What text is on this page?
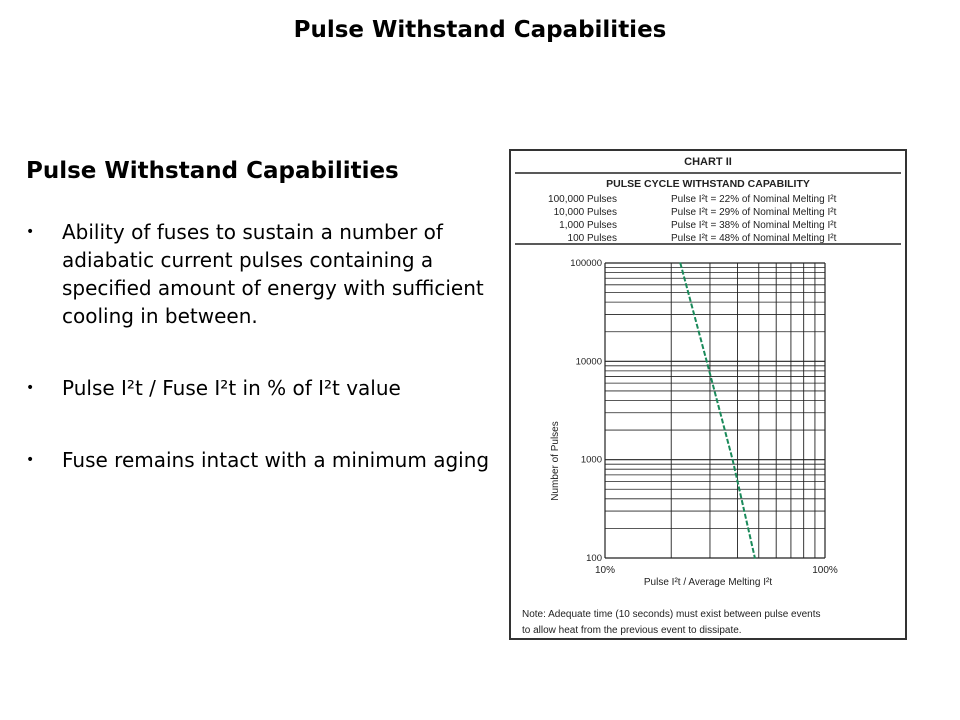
Pulse Withstand Capabilities
Pulse Withstand Capabilities
• Ability of fuses to sustain a number of adiabatic current pulses containing a specified amount of energy with sufficient cooling in between.
• Pulse I²t / Fuse I²t in % of I²t value
• Fuse remains intact with a minimum aging
CHART II
PULSE CYCLE WITHSTAND CAPABILITY
100,000 Pulses	Pulse I²t = 22% of Nominal Melting I²t
10,000 Pulses	Pulse I²t = 29% of Nominal Melting I²t
1,000 Pulses	Pulse I²t = 38% of Nominal Melting I²t
100 Pulses	Pulse I²t = 48% of Nominal Melting I²t
100000
10000
1000
100
10%	100%
Pulse I²t / Average Melting I²t
Number of Pulses
Note: Adequate time (10 seconds) must exist between pulse events
to allow heat from the previous event to dissipate.
